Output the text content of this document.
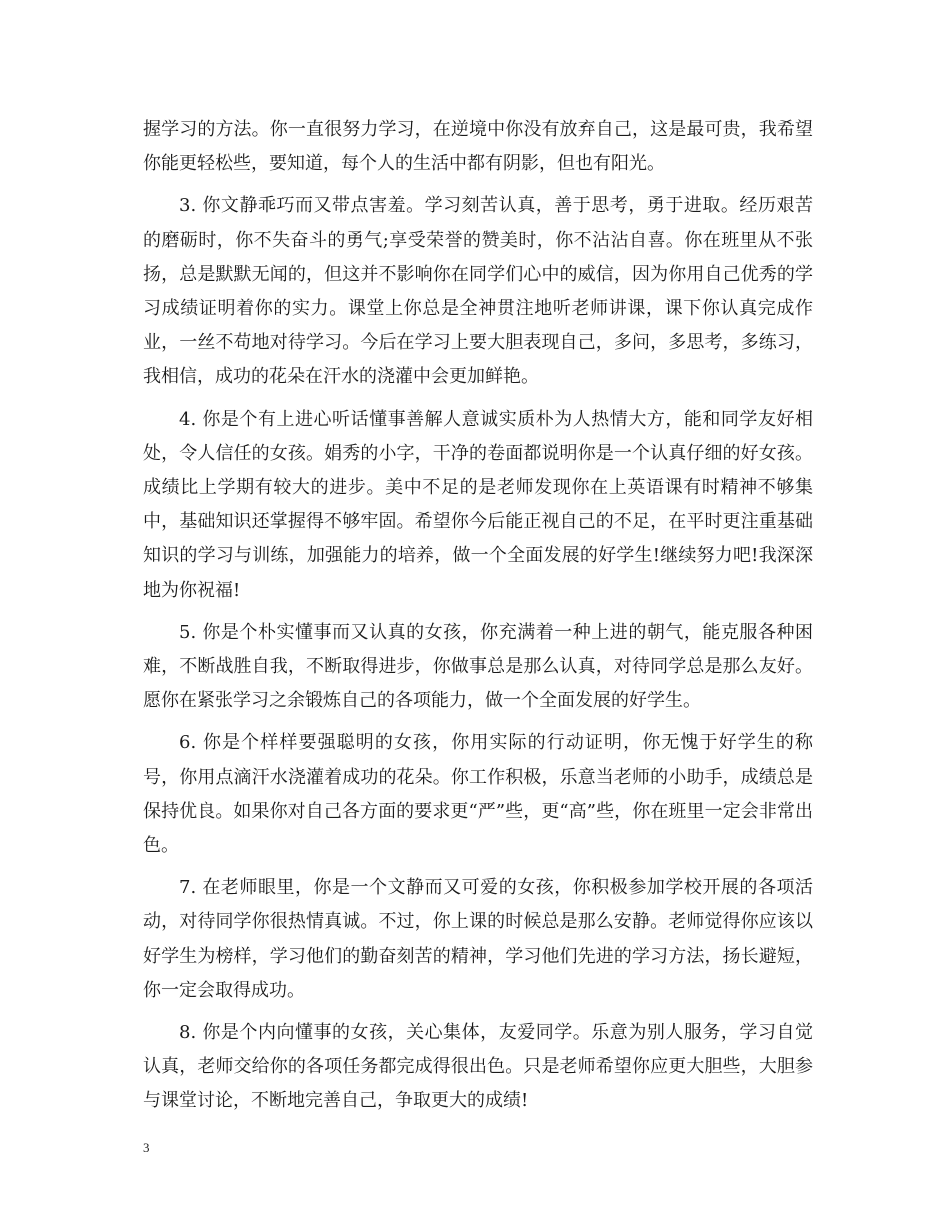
握学习的方法。你一直很努力学习，在逆境中你没有放弃自己，这是最可贵，我希望你能更轻松些，要知道，每个人的生活中都有阴影，但也有阳光。

3. 你文静乖巧而又带点害羞。学习刻苦认真，善于思考，勇于进取。经历艰苦的磨砺时，你不失奋斗的勇气;享受荣誉的赞美时，你不沾沾自喜。你在班里从不张扬，总是默默无闻的，但这并不影响你在同学们心中的威信，因为你用自己优秀的学习成绩证明着你的实力。课堂上你总是全神贯注地听老师讲课，课下你认真完成作业，一丝不苟地对待学习。今后在学习上要大胆表现自己，多问，多思考，多练习，我相信，成功的花朵在汗水的浇灌中会更加鲜艳。

4. 你是个有上进心听话懂事善解人意诚实质朴为人热情大方，能和同学友好相处，令人信任的女孩。娟秀的小字，干净的卷面都说明你是一个认真仔细的好女孩。成绩比上学期有较大的进步。美中不足的是老师发现你在上英语课有时精神不够集中，基础知识还掌握得不够牢固。希望你今后能正视自己的不足，在平时更注重基础知识的学习与训练，加强能力的培养，做一个全面发展的好学生!继续努力吧!我深深地为你祝福!

5. 你是个朴实懂事而又认真的女孩，你充满着一种上进的朝气，能克服各种困难，不断战胜自我，不断取得进步，你做事总是那么认真，对待同学总是那么友好。愿你在紧张学习之余锻炼自己的各项能力，做一个全面发展的好学生。

6. 你是个样样要强聪明的女孩，你用实际的行动证明，你无愧于好学生的称号，你用点滴汗水浇灌着成功的花朵。你工作积极，乐意当老师的小助手，成绩总是保持优良。如果你对自己各方面的要求更“严”些，更“高”些，你在班里一定会非常出色。

7. 在老师眼里，你是一个文静而又可爱的女孩，你积极参加学校开展的各项活动，对待同学你很热情真诚。不过，你上课的时候总是那么安静。老师觉得你应该以好学生为榜样，学习他们的勤奋刻苦的精神，学习他们先进的学习方法，扬长避短，你一定会取得成功。

8. 你是个内向懂事的女孩，关心集体，友爱同学。乐意为别人服务，学习自觉认真，老师交给你的各项任务都完成得很出色。只是老师希望你应更大胆些，大胆参与课堂讨论，不断地完善自己，争取更大的成绩!

3
